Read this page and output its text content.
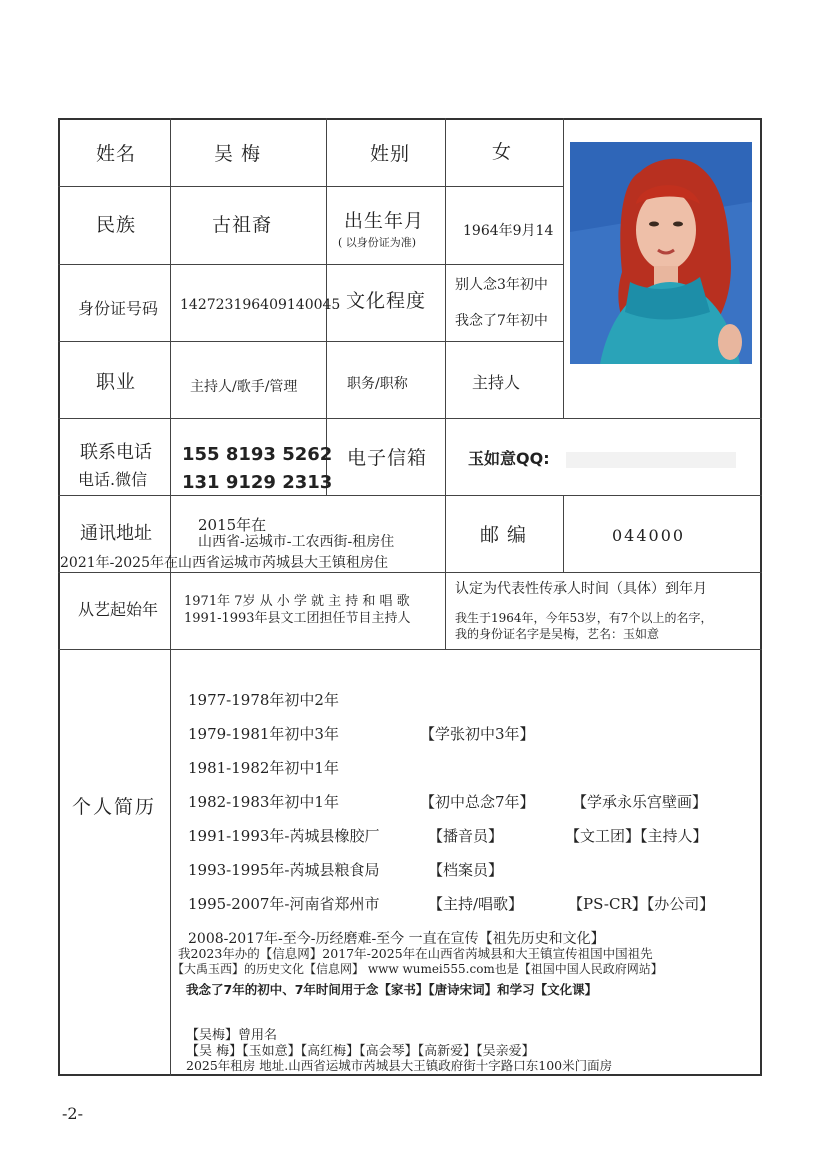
姓名	吴 梅	姓别	女
民族	古祖裔	出生年月
( 以身份证为准)
1964年9月14
身份证号码 142723196409140045 文化程度
别人念3年初中
我念了7年初中
职业	主持人/歌手/管理	职务/职称	主持人
联系电话
电话.微信
155 8193 5262
131 9129 2313
电子信箱	玉如意QQ:
通讯地址	2015年在
山西省-运城市-工农西街-租房住
2021年-2025年在山西省运城市芮城县大王镇租房住
邮 编	044000
从艺起始年 1971年 7岁 从 小 学 就 主 持 和 唱 歌
1991-1993年县文工团担任节目主持人
认定为代表性传承人时间（具体）到年月
我生于1964年，今年53岁，有7个以上的名字，
我的身份证名字是吴梅，艺名：玉如意
个人简历
1977-1978年初中2年
1979-1981年初中3年	【学张初中3年】
1981-1982年初中1年
1982-1983年初中1年	【初中总念7年】 【学承永乐宫壁画】
1991-1993年-芮城县橡胶厂	【播音员】	【文工团】【主持人】
1993-1995年-芮城县粮食局	【档案员】
1995-2007年-河南省郑州市	【主持/唱歌】	【PS-CR】【办公司】
2008-2017年-至今-历经磨难-至今 一直在宣传【祖先历史和文化】
我2023年办的【信息网】2017年-2025年在山西省芮城县和大王镇宣传祖国中国祖先
【大禹玉西】的历史文化【信息网】 www wumei555.com也是【祖国中国人民政府网站】
我念了7年的初中、7年时间用于念【家书】【唐诗宋词】和学习【文化课】
【吴梅】曾用名
【吴 梅】【玉如意】【高红梅】【高会琴】【高新爱】【吴亲爱】
2025年租房 地址.山西省运城市芮城县大王镇政府街十字路口东100米门面房
-2-
